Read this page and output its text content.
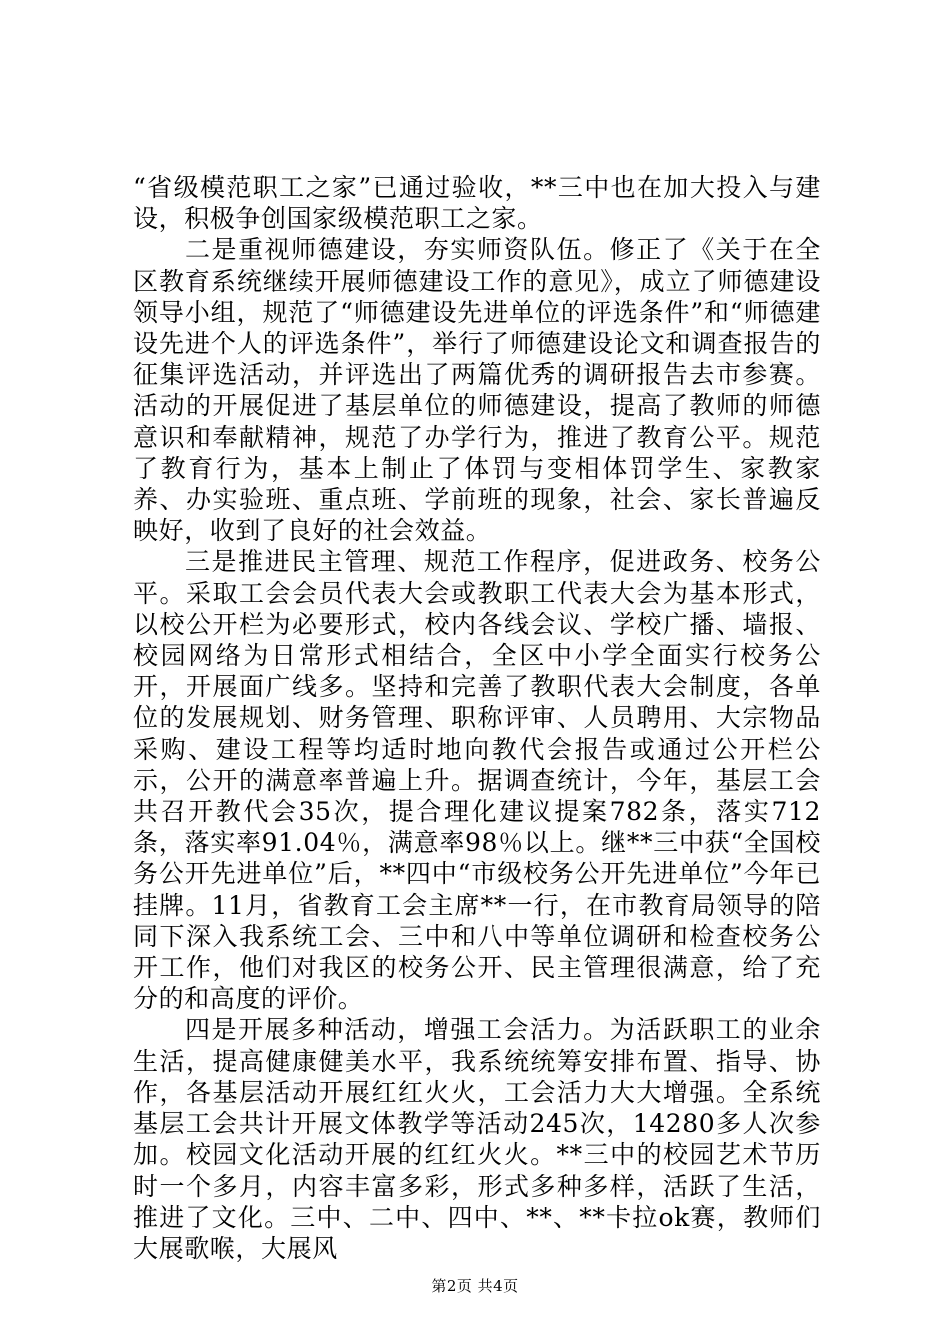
“省级模范职工之家”已通过验收，**三中也在加大投入与建设，积极争创国家级模范职工之家。

二是重视师德建设，夯实师资队伍。修正了《关于在全区教育系统继续开展师德建设工作的意见》，成立了师德建设领导小组，规范了“师德建设先进单位的评选条件”和“师德建设先进个人的评选条件”，举行了师德建设论文和调查报告的征集评选活动，并评选出了两篇优秀的调研报告去市参赛。活动的开展促进了基层单位的师德建设，提高了教师的师德意识和奉献精神，规范了办学行为，推进了教育公平。规范了教育行为，基本上制止了体罚与变相体罚学生、家教家养、办实验班、重点班、学前班的现象，社会、家长普遍反映好，收到了良好的社会效益。

三是推进民主管理、规范工作程序，促进政务、校务公平。采取工会会员代表大会或教职工代表大会为基本形式，以校公开栏为必要形式，校内各线会议、学校广播、墙报、校园网络为日常形式相结合，全区中小学全面实行校务公开，开展面广线多。坚持和完善了教职代表大会制度，各单位的发展规划、财务管理、职称评审、人员聘用、大宗物品采购、建设工程等均适时地向教代会报告或通过公开栏公示，公开的满意率普遍上升。据调查统计，今年，基层工会共召开教代会35次，提合理化建议提案782条，落实712条，落实率91.04％，满意率98％以上。继**三中获“全国校务公开先进单位”后，**四中“市级校务公开先进单位”今年已挂牌。11月，省教育工会主席**一行，在市教育局领导的陪同下深入我系统工会、三中和八中等单位调研和检查校务公开工作，他们对我区的校务公开、民主管理很满意，给了充分的和高度的评价。

四是开展多种活动，增强工会活力。为活跃职工的业余生活，提高健康健美水平，我系统统筹安排布置、指导、协作，各基层活动开展红红火火，工会活力大大增强。全系统基层工会共计开展文体教学等活动245次，14280多人次参加。校园文化活动开展的红红火火。**三中的校园艺术节历时一个多月，内容丰富多彩，形式多种多样，活跃了生活，推进了文化。三中、二中、四中、**、**卡拉ok赛，教师们大展歌喉，大展风

第2页 共4页
